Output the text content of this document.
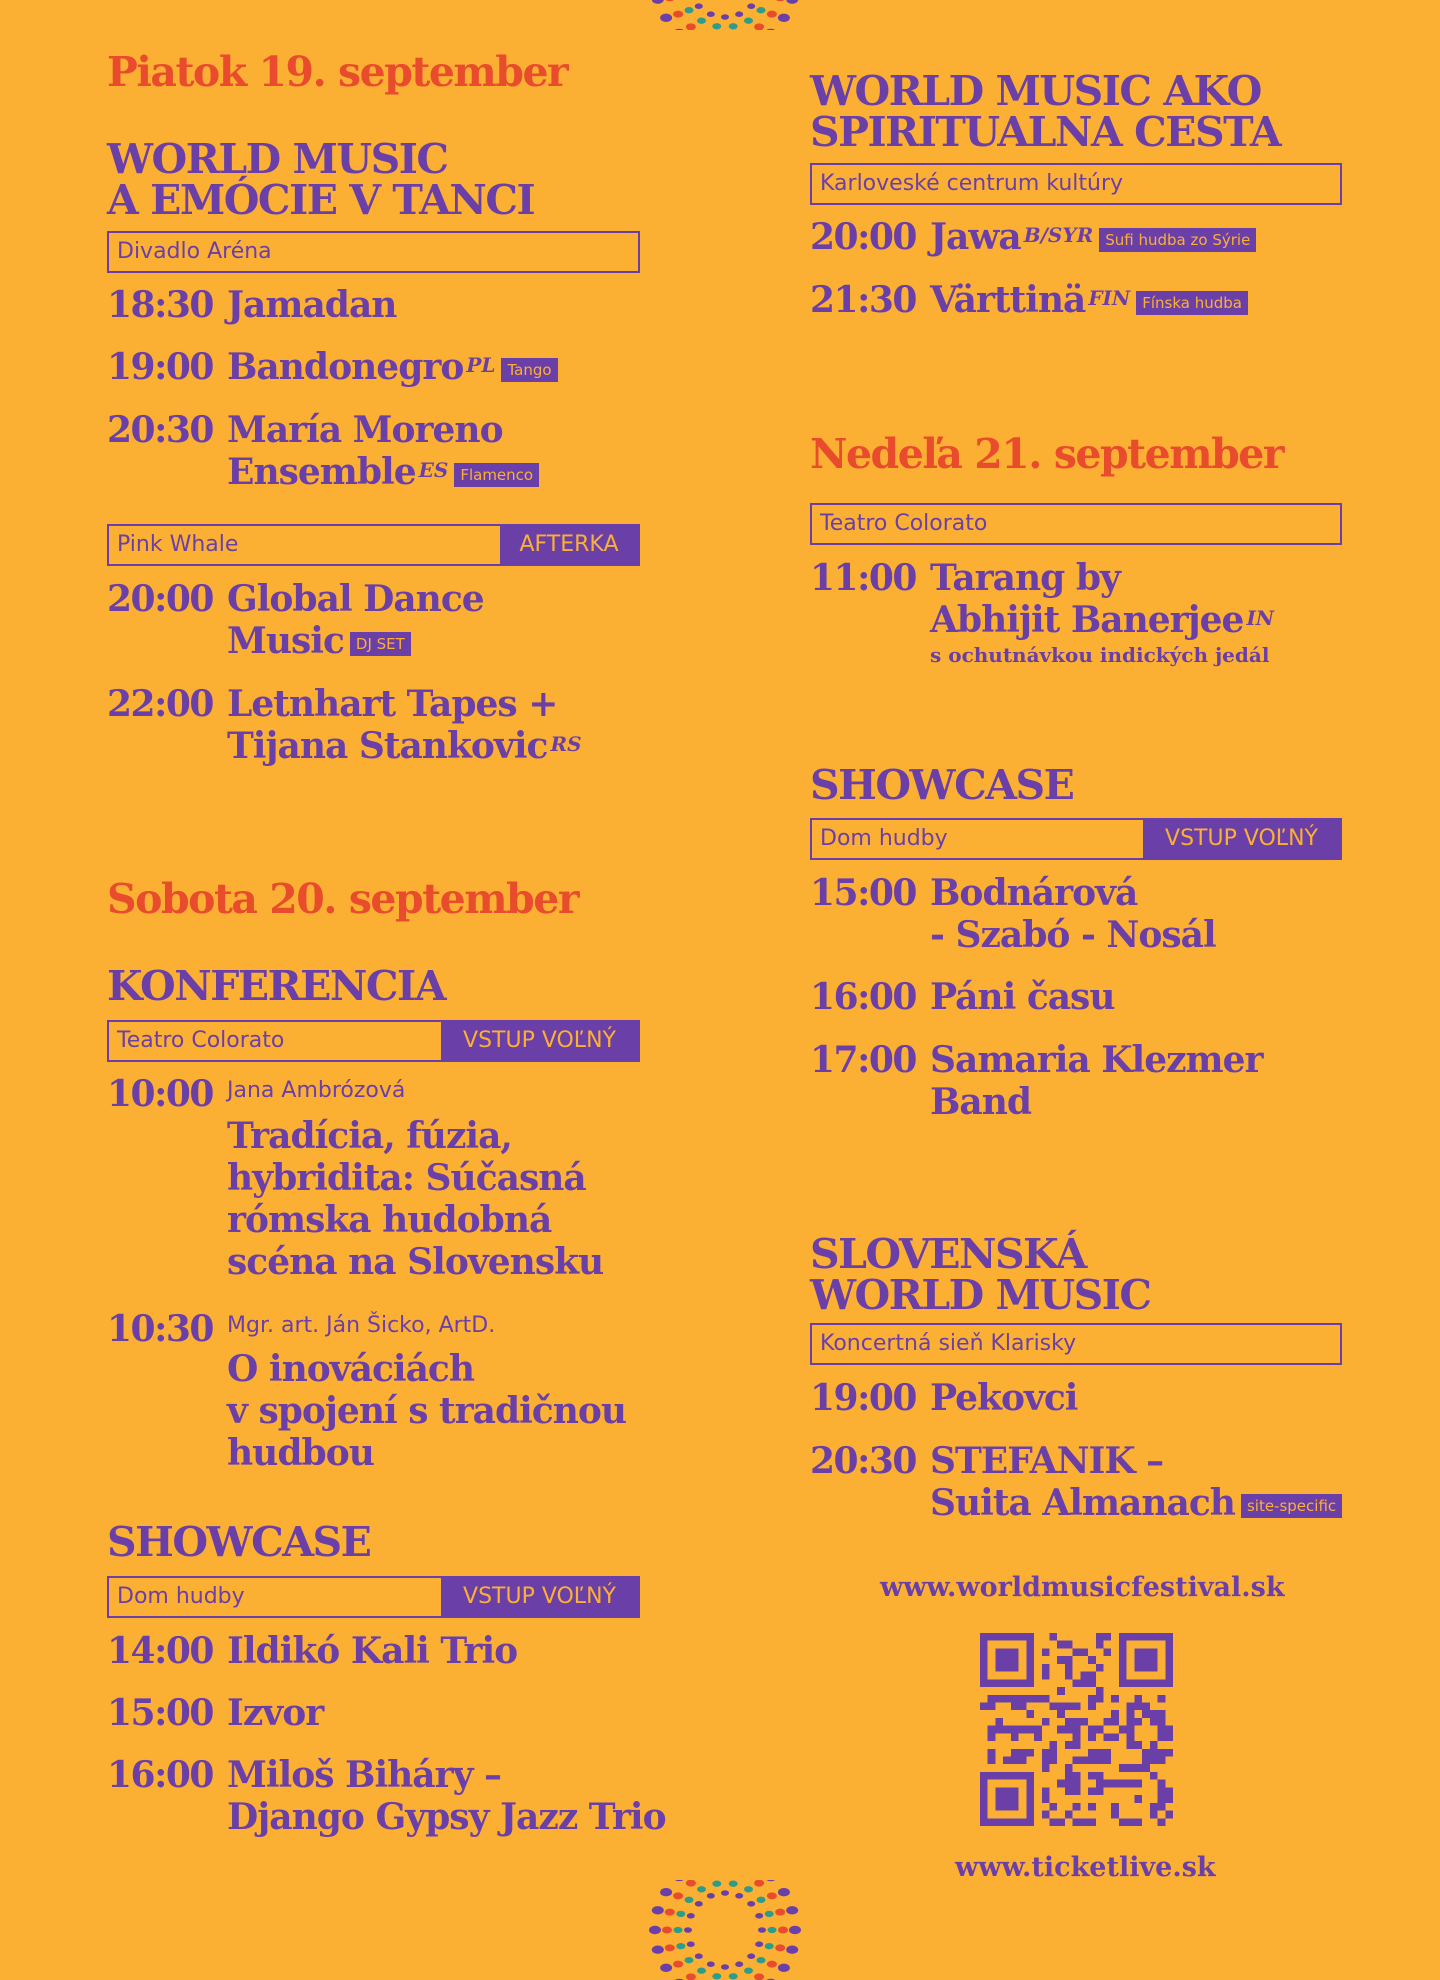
Piatok 19. september
WORLD MUSIC
A EMÓCIE V TANCI
Divadlo Aréna
18:30 Jamadan
19:00 Bandonegro $^{PL}$ Tango
20:30 María Moreno
Ensemble $^{ES}$ Flamenco
Pink Whale	AFTERKA
20:00 Global Dance
Music DJ SET
22:00 Letnhart Tapes +
Tijana Stankovic $^{RS}$
Sobota 20. september
KONFERENCIA
Teatro Colorato	VSTUP VOĽNÝ
10:00 Jana Ambrózová
Tradícia, fúzia,
hybridita: Súčasná
rómska hudobná
scéna na Slovensku
10:30 Mgr. art. Ján Šicko, ArtD.
O inováciách
v spojení s tradičnou
hudbou
SHOWCASE
Dom hudby	VSTUP VOĽNÝ
14:00 Ildikó Kali Trio
15:00 Izvor
16:00 Miloš Biháry –
Django Gypsy Jazz Trio
WORLD MUSIC AKO
SPIRITUALNA CESTA
Karloveské centrum kultúry
20:00 Jawa $^{B/SYR}$ Sufi hudba zo Sýrie
21:30 Värttinä $^{FIN}$ Fínska hudba
Nedeľa 21. september
Teatro Colorato
11:00 Tarang by
Abhijit Banerjee $^{IN}$
s ochutnávkou indických jedál
SHOWCASE
Dom hudby	VSTUP VOĽNÝ
15:00 Bodnárová
- Szabó - Nosál
16:00 Páni času
17:00 Samaria Klezmer
Band
SLOVENSKÁ
WORLD MUSIC
Koncertná sieň Klarisky
19:00 Pekovci
20:30 STEFANIK –
Suita Almanach site-specific
www.worldmusicfestival.sk
www.ticketlive.sk
